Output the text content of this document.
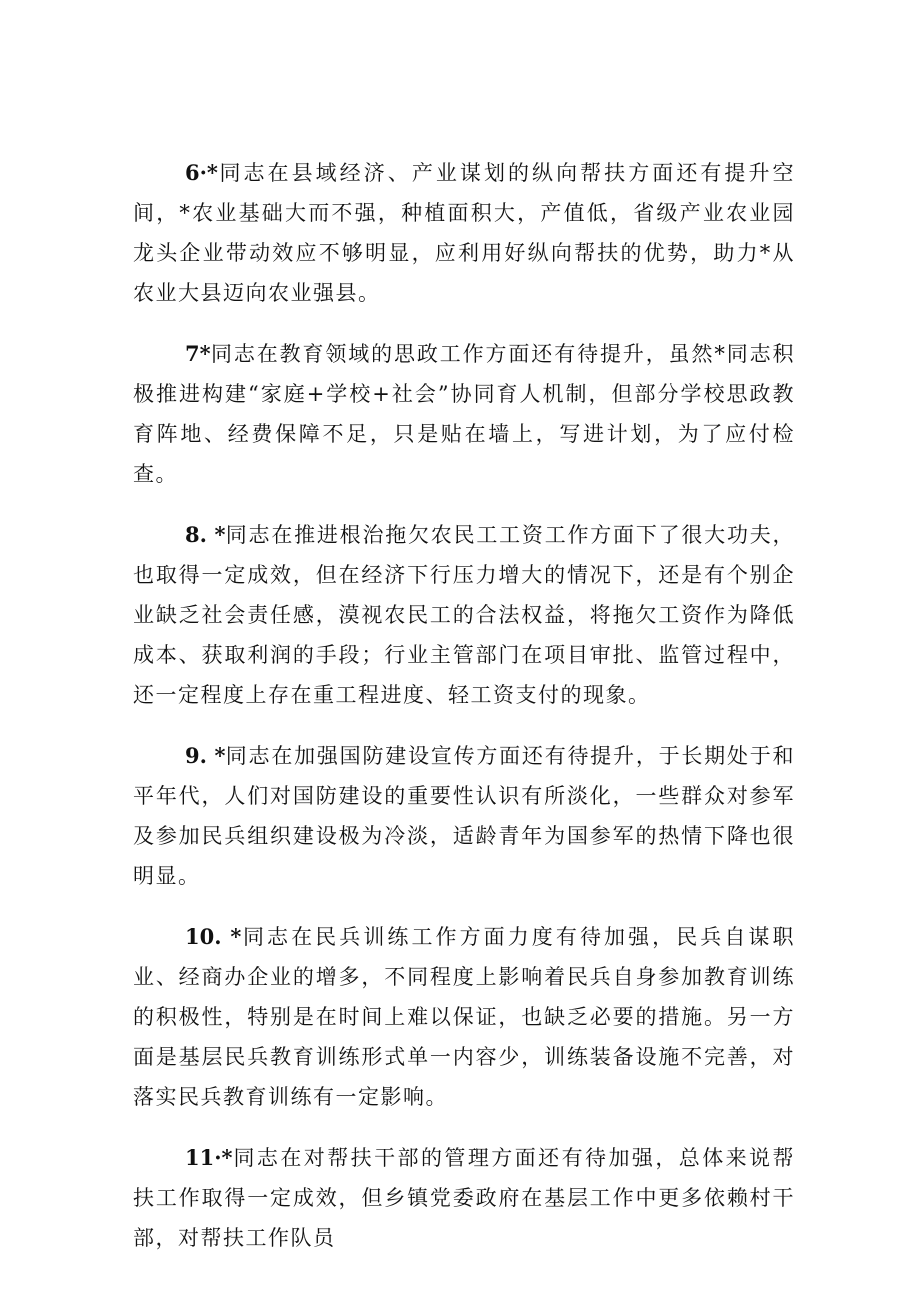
6·*同志在县域经济、产业谋划的纵向帮扶方面还有提升空间，*农业基础大而不强，种植面积大，产值低，省级产业农业园龙头企业带动效应不够明显，应利用好纵向帮扶的优势，助力*从农业大县迈向农业强县。

7*同志在教育领域的思政工作方面还有待提升，虽然*同志积极推进构建“家庭+学校+社会”协同育人机制，但部分学校思政教育阵地、经费保障不足，只是贴在墙上，写进计划，为了应付检查。

8. *同志在推进根治拖欠农民工工资工作方面下了很大功夫，也取得一定成效，但在经济下行压力增大的情况下，还是有个别企业缺乏社会责任感，漠视农民工的合法权益，将拖欠工资作为降低成本、获取利润的手段；行业主管部门在项目审批、监管过程中，还一定程度上存在重工程进度、轻工资支付的现象。

9. *同志在加强国防建设宣传方面还有待提升，于长期处于和平年代，人们对国防建设的重要性认识有所淡化，一些群众对参军及参加民兵组织建设极为冷淡，适龄青年为国参军的热情下降也很明显。

10. *同志在民兵训练工作方面力度有待加强，民兵自谋职业、经商办企业的增多，不同程度上影响着民兵自身参加教育训练的积极性，特别是在时间上难以保证，也缺乏必要的措施。另一方面是基层民兵教育训练形式单一内容少，训练装备设施不完善，对落实民兵教育训练有一定影响。

11·*同志在对帮扶干部的管理方面还有待加强，总体来说帮扶工作取得一定成效，但乡镇党委政府在基层工作中更多依赖村干部，对帮扶工作队员
